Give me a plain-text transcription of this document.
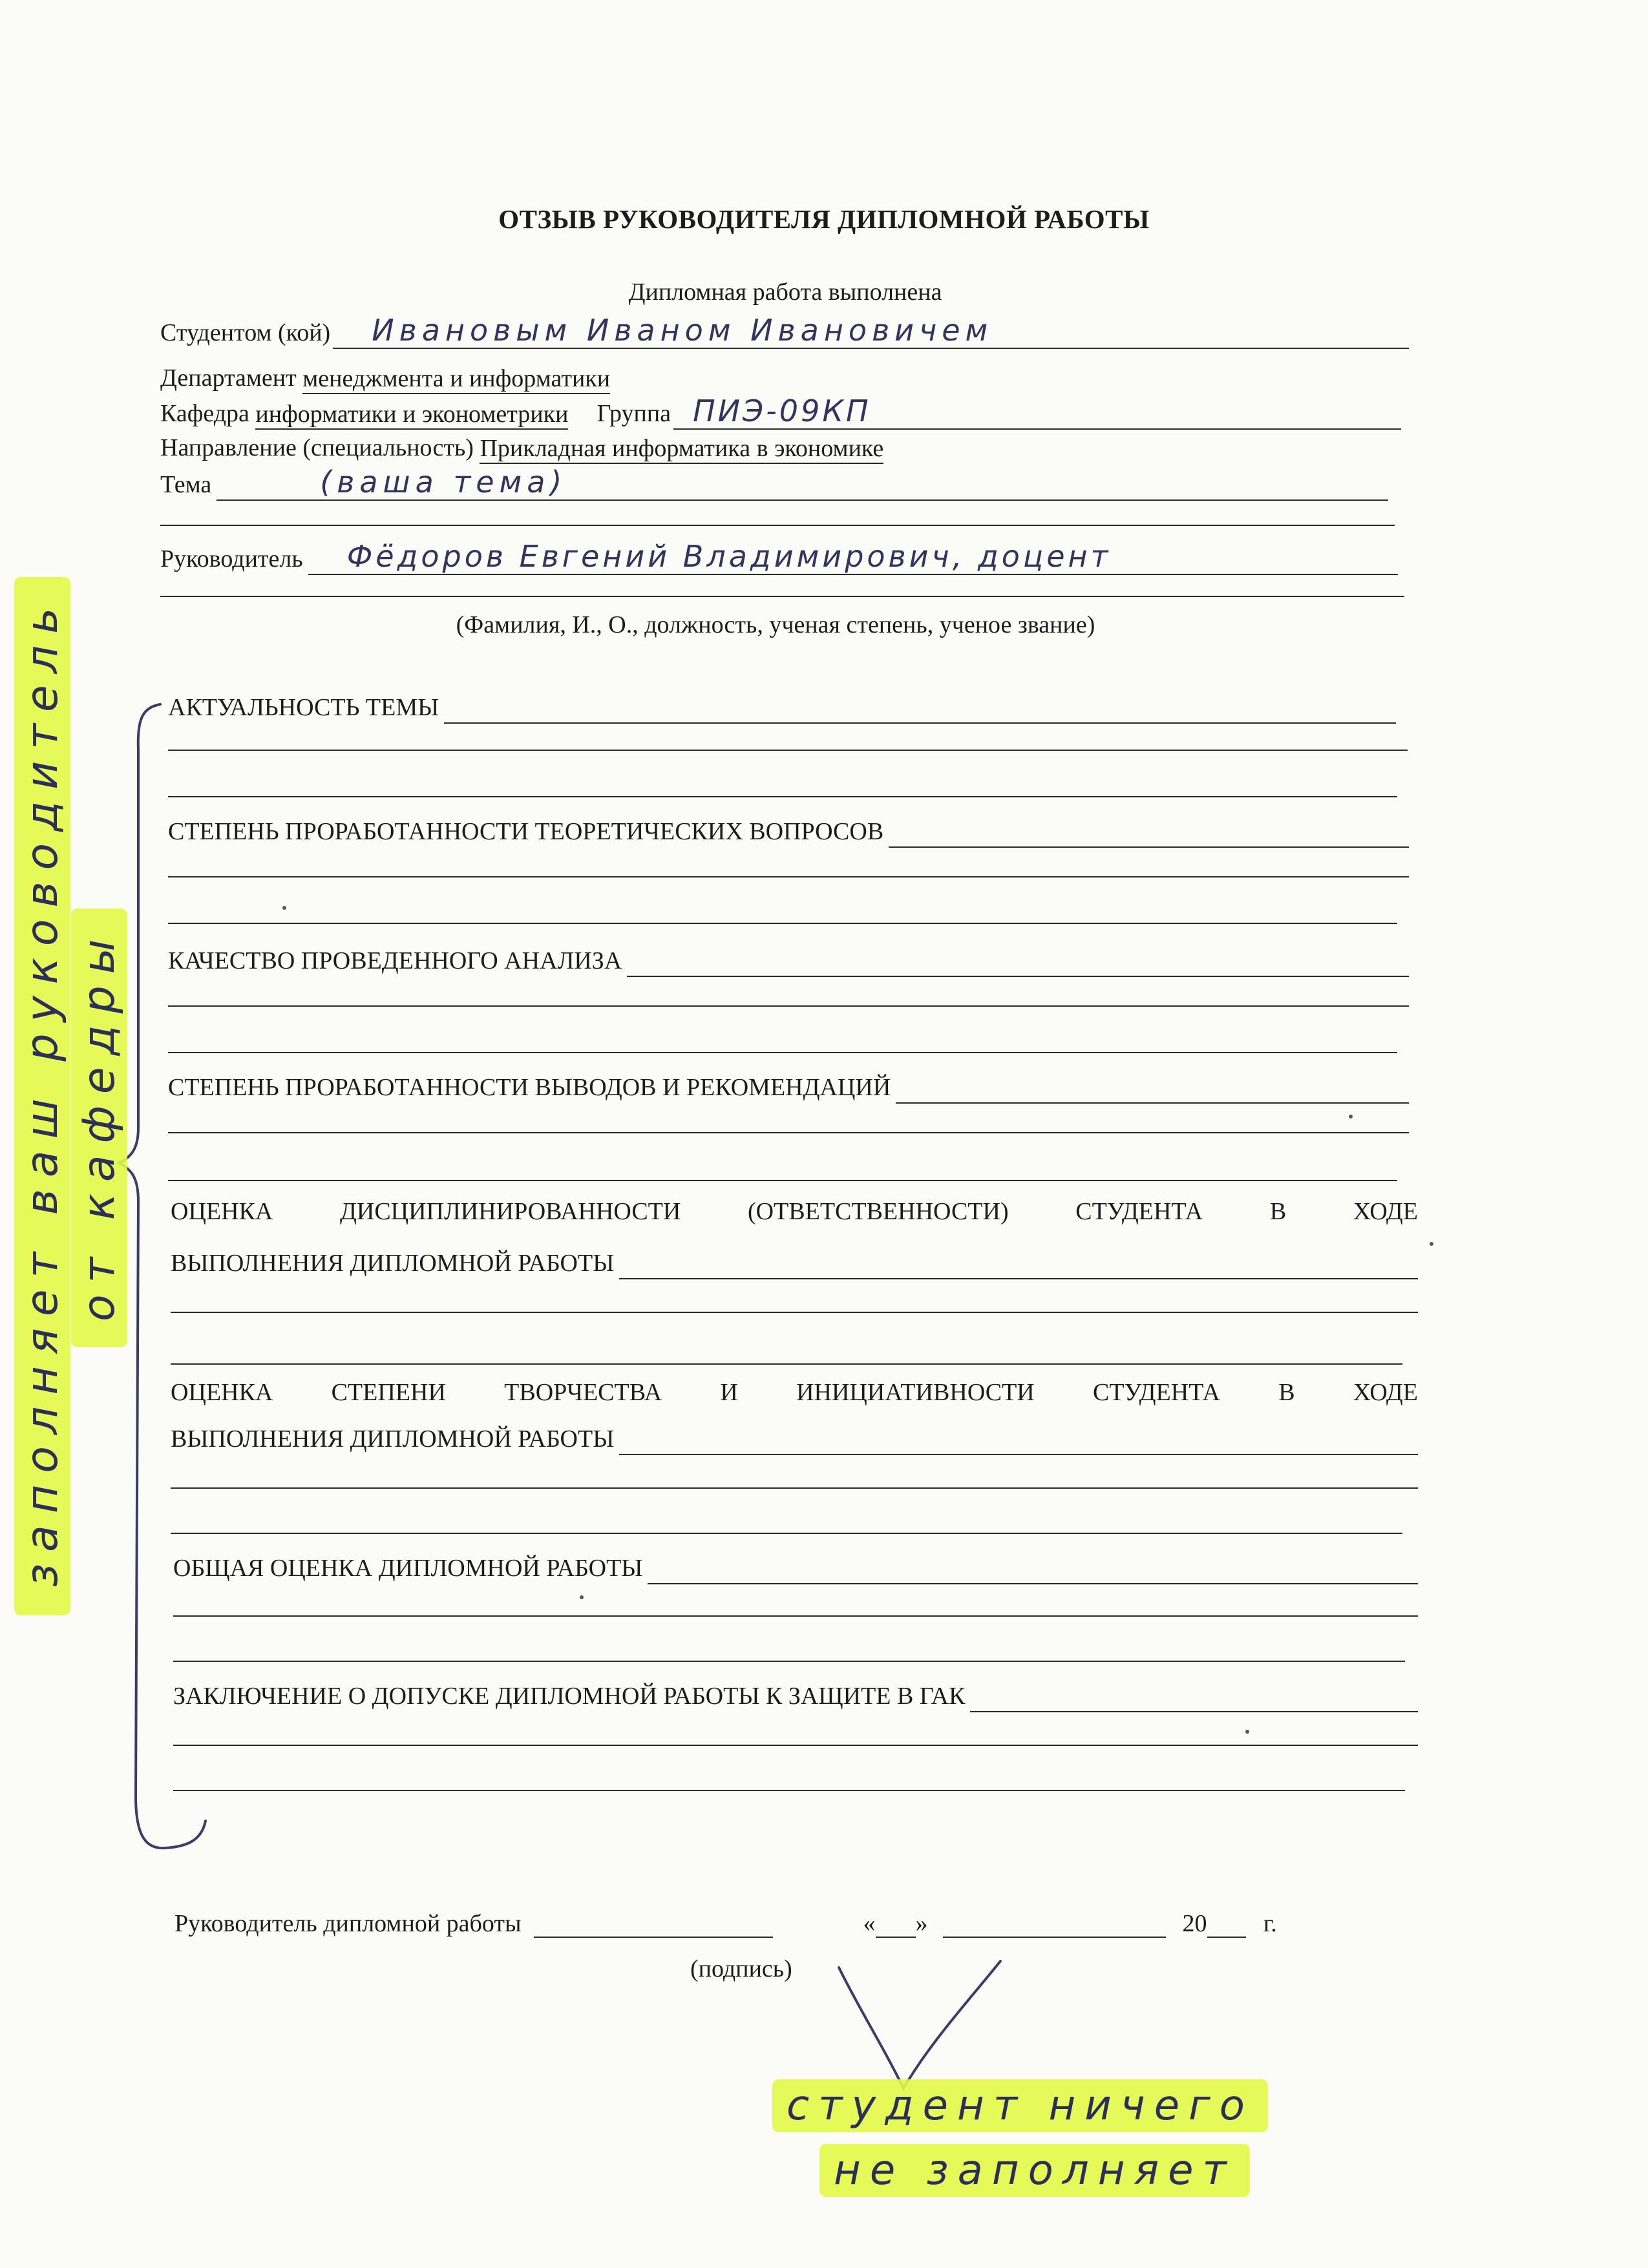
ОТЗЫВ РУКОВОДИТЕЛЯ ДИПЛОМНОЙ РАБОТЫ
Дипломная работа выполнена
Студентом (кой) Ивановым Иваном Ивановичем
Департамент
менеджмента и информатики
Кафедра
информатики и эконометрики Группа ПИЭ-09КП
Направление (специальность)
Прикладная информатика в экономике
Тема	(ваша тема)
Руководитель Фёдоров Евгений Владимирович, доцент
(Фамилия, И., О., должность, ученая степень, ученое звание)
АКТУАЛЬНОСТЬ ТЕМЫ
СТЕПЕНЬ ПРОРАБОТАННОСТИ ТЕОРЕТИЧЕСКИХ ВОПРОСОВ
КАЧЕСТВО ПРОВЕДЕННОГО АНАЛИЗА
СТЕПЕНЬ ПРОРАБОТАННОСТИ ВЫВОДОВ И РЕКОМЕНДАЦИЙ
ОЦЕНКА ДИСЦИПЛИНИРОВАННОСТИ (ОТВЕТСТВЕННОСТИ) СТУДЕНТА В ХОДЕ
ВЫПОЛНЕНИЯ ДИПЛОМНОЙ РАБОТЫ
ОЦЕНКА СТЕПЕНИ ТВОРЧЕСТВА И ИНИЦИАТИВНОСТИ СТУДЕНТА В ХОДЕ
ВЫПОЛНЕНИЯ ДИПЛОМНОЙ РАБОТЫ
ОБЩАЯ ОЦЕНКА ДИПЛОМНОЙ РАБОТЫ
ЗАКЛЮЧЕНИЕ О ДОПУСКЕ ДИПЛОМНОЙ РАБОТЫ К ЗАЩИТЕ В ГАК
Руководитель дипломной работы	« »	20 г.
(подпись)
заполняет ваш руководитель от кафедры
студент ничего
не заполняет
